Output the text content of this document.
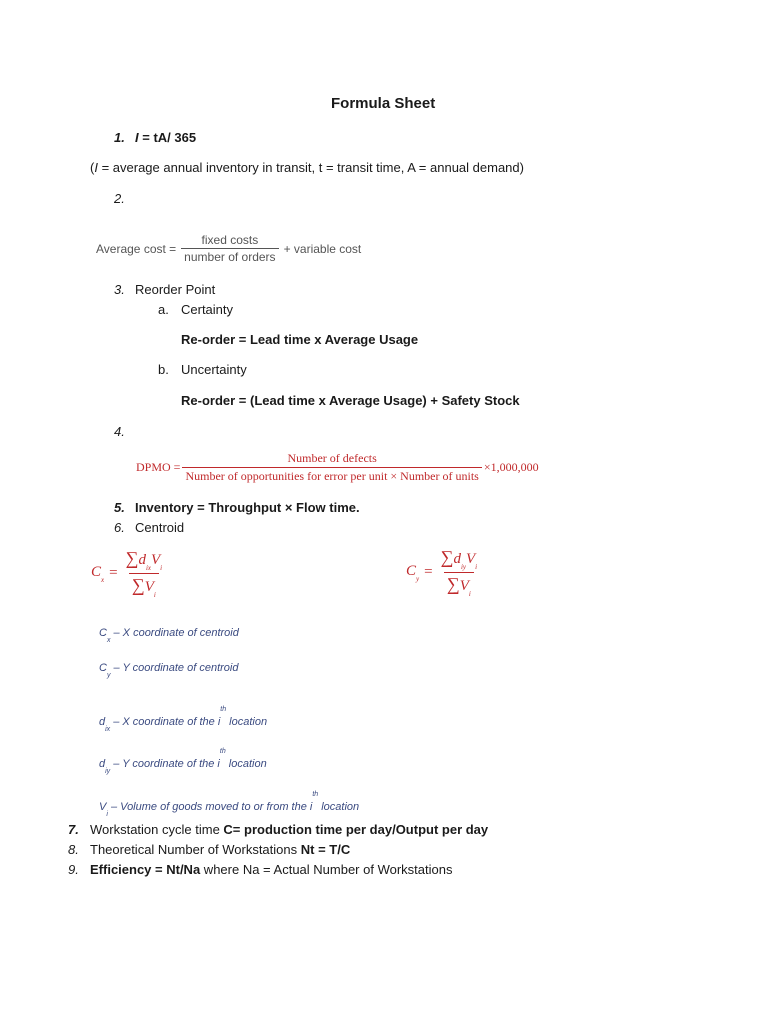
Formula Sheet
1. I = tA/ 365
(I = average annual inventory in transit, t = transit time, A = annual demand)
2.
Average $\cos t = \frac{\text{fixed costs}}{\text{number of orders}}$ + variable cost
3. Reorder Point
a. Certainty
Re-order = Lead time x Average Usage
b. Uncertainty
Re-order = (Lead time x Average Usage) + Safety Stock
4.
DPMO = $\frac{\text{Number of defects}}{\text{Number of opportunities for error per unit × Number of units}} \times 1,000,000$
5. Inventory = Throughput × Flow time.
6. Centroid
$C_x = \frac{\sum d_{ix}V_i}{\sum V_i}$	$C_y = \frac{\sum d_{iy}V_i}{\sum V_i}$
$C_x$ – X coordinate of centroid
$C_y$ – Y coordinate of centroid
$d_{ix}$ – X coordinate of the $i^{th}$ location
$d_{iy}$ – Y coordinate of the $i^{th}$ location
$V_i$ – Volume of goods moved to or from the $i^{th}$ location
7. Workstation cycle time C= production time per day/Output per day
8. Theoretical Number of Workstations Nt = T/C
9. Efficiency = Nt/Na where Na = Actual Number of Workstations
